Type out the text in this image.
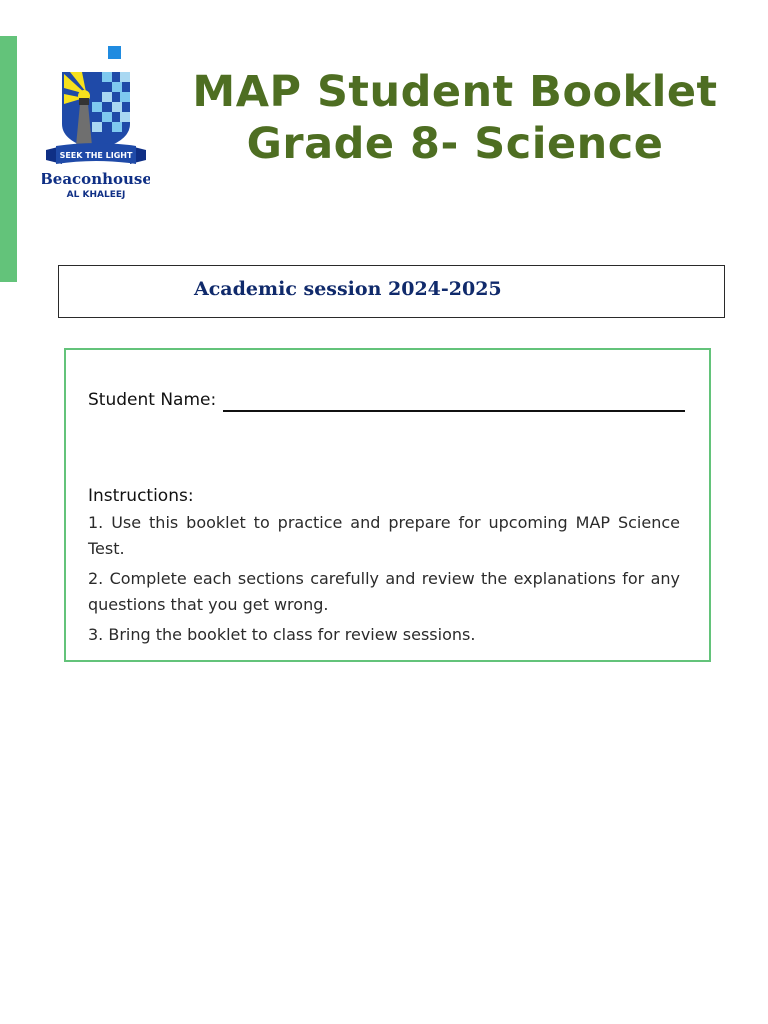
SEEK THE LIGHT
Beaconhouse
AL KHALEEJ
MAP Student Booklet
Grade 8- Science
Academic session 2024-2025
Student Name:
Instructions:

1. Use this booklet to practice and prepare for upcoming MAP Science Test.

2. Complete each sections carefully and review the explanations for any questions that you get wrong.

3. Bring the booklet to class for review sessions.
